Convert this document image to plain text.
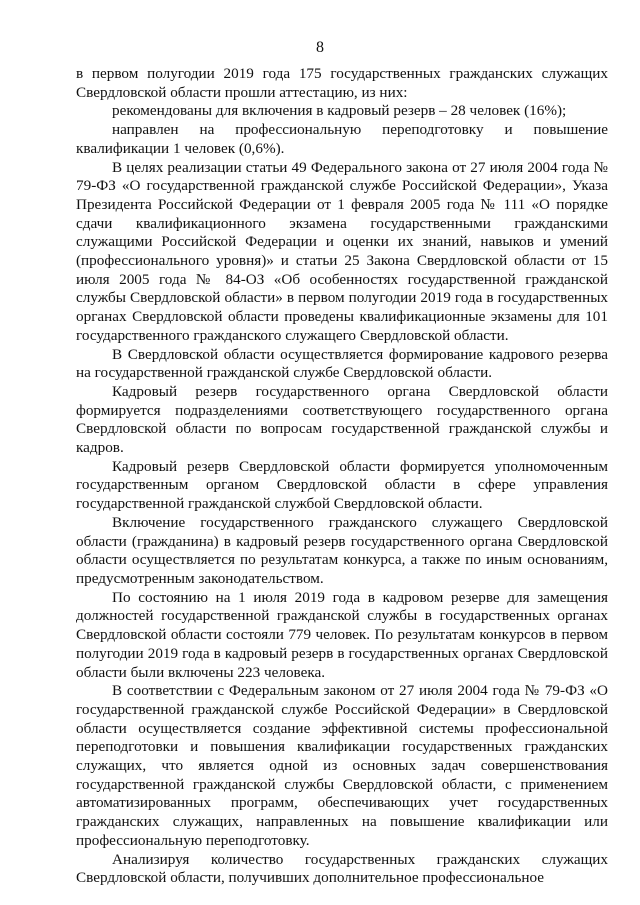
8

в первом полугодии 2019 года 175 государственных гражданских служащих Свердловской области прошли аттестацию, из них:

рекомендованы для включения в кадровый резерв – 28 человек (16%);

направлен на профессиональную переподготовку и повышение квалификации 1 человек (0,6%).

В целях реализации статьи 49 Федерального закона от 27 июля 2004 года № 79-ФЗ «О государственной гражданской службе Российской Федерации», Указа Президента Российской Федерации от 1 февраля 2005 года № 111 «О порядке сдачи квалификационного экзамена государственными гражданскими служащими Российской Федерации и оценки их знаний, навыков и умений (профессионального уровня)» и статьи 25 Закона Свердловской области от 15 июля 2005 года № 84-ОЗ «Об особенностях государственной гражданской службы Свердловской области» в первом полугодии 2019 года в государственных органах Свердловской области проведены квалификационные экзамены для 101 государственного гражданского служащего Свердловской области.

В Свердловской области осуществляется формирование кадрового резерва на государственной гражданской службе Свердловской области.

Кадровый резерв государственного органа Свердловской области формируется подразделениями соответствующего государственного органа Свердловской области по вопросам государственной гражданской службы и кадров.

Кадровый резерв Свердловской области формируется уполномоченным государственным органом Свердловской области в сфере управления государственной гражданской службой Свердловской области.

Включение государственного гражданского служащего Свердловской области (гражданина) в кадровый резерв государственного органа Свердловской области осуществляется по результатам конкурса, а также по иным основаниям, предусмотренным законодательством.

По состоянию на 1 июля 2019 года в кадровом резерве для замещения должностей государственной гражданской службы в государственных органах Свердловской области состояли 779 человек. По результатам конкурсов в первом полугодии 2019 года в кадровый резерв в государственных органах Свердловской области были включены 223 человека.

В соответствии с Федеральным законом от 27 июля 2004 года № 79-ФЗ «О государственной гражданской службе Российской Федерации» в Свердловской области осуществляется создание эффективной системы профессиональной переподготовки и повышения квалификации государственных гражданских служащих, что является одной из основных задач совершенствования государственной гражданской службы Свердловской области, с применением автоматизированных программ, обеспечивающих учет государственных гражданских служащих, направленных на повышение квалификации или профессиональную переподготовку.

Анализируя количество государственных гражданских служащих Свердловской области, получивших дополнительное профессиональное
